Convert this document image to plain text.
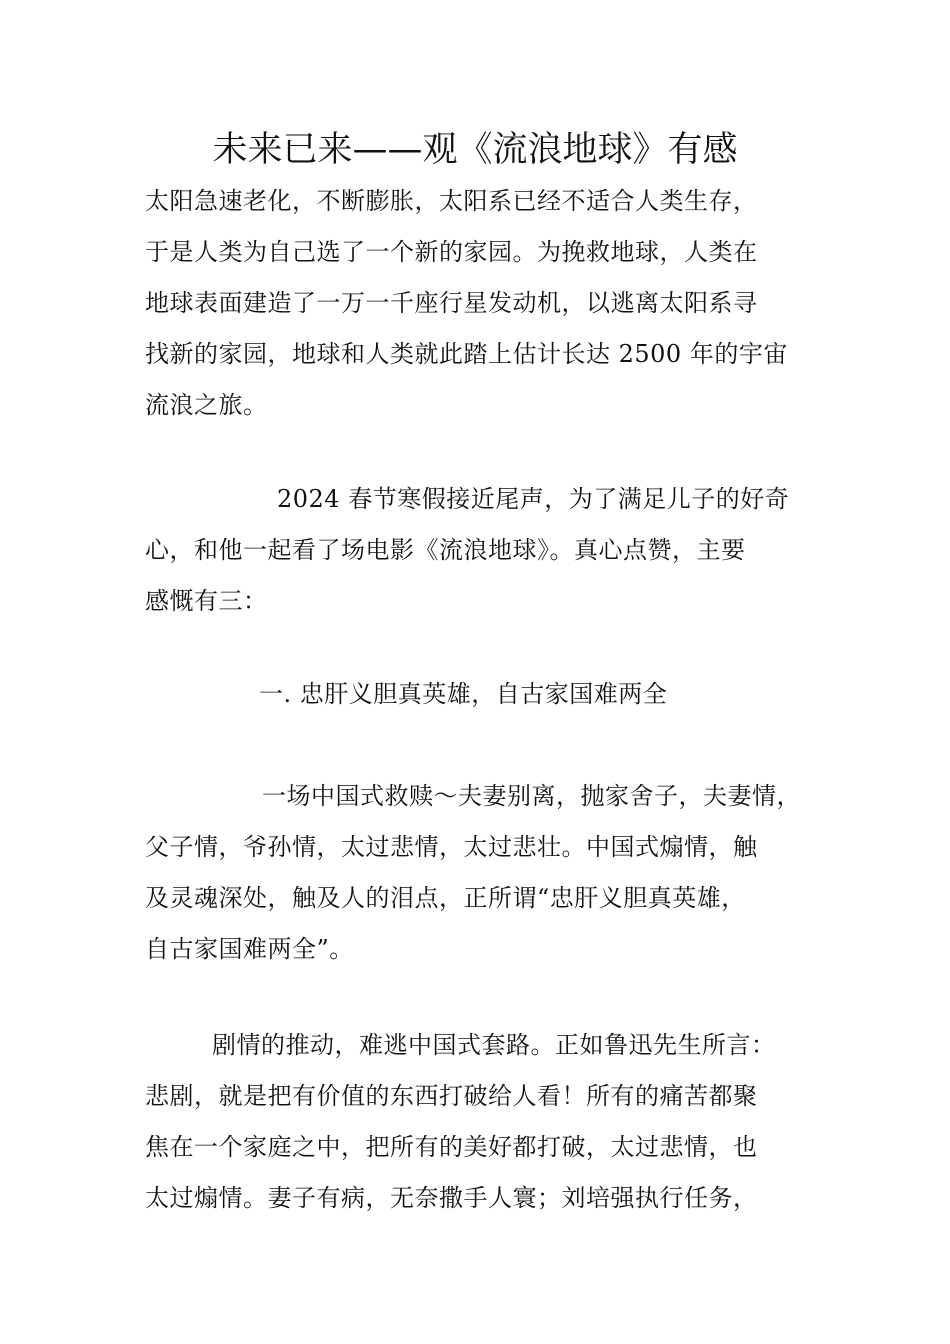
未来已来——观《流浪地球》有感
太阳急速老化，不断膨胀，太阳系已经不适合人类生存，
于是人类为自己选了一个新的家园。为挽救地球，人类在
地球表面建造了一万一千座行星发动机，以逃离太阳系寻
找新的家园，地球和人类就此踏上估计长达 2500 年的宇宙
流浪之旅。
2024 春节寒假接近尾声，为了满足儿子的好奇
心，和他一起看了场电影《流浪地球》。真心点赞，主要
感慨有三：
一. 忠肝义胆真英雄，自古家国难两全
一场中国式救赎～夫妻别离，抛家舍子，夫妻情，
父子情，爷孙情，太过悲情，太过悲壮。中国式煽情，触
及灵魂深处，触及人的泪点，正所谓“忠肝义胆真英雄，
自古家国难两全”。
剧情的推动，难逃中国式套路。正如鲁迅先生所言：
悲剧，就是把有价值的东西打破给人看！所有的痛苦都聚
焦在一个家庭之中，把所有的美好都打破，太过悲情，也
太过煽情。妻子有病，无奈撒手人寰；刘培强执行任务，
